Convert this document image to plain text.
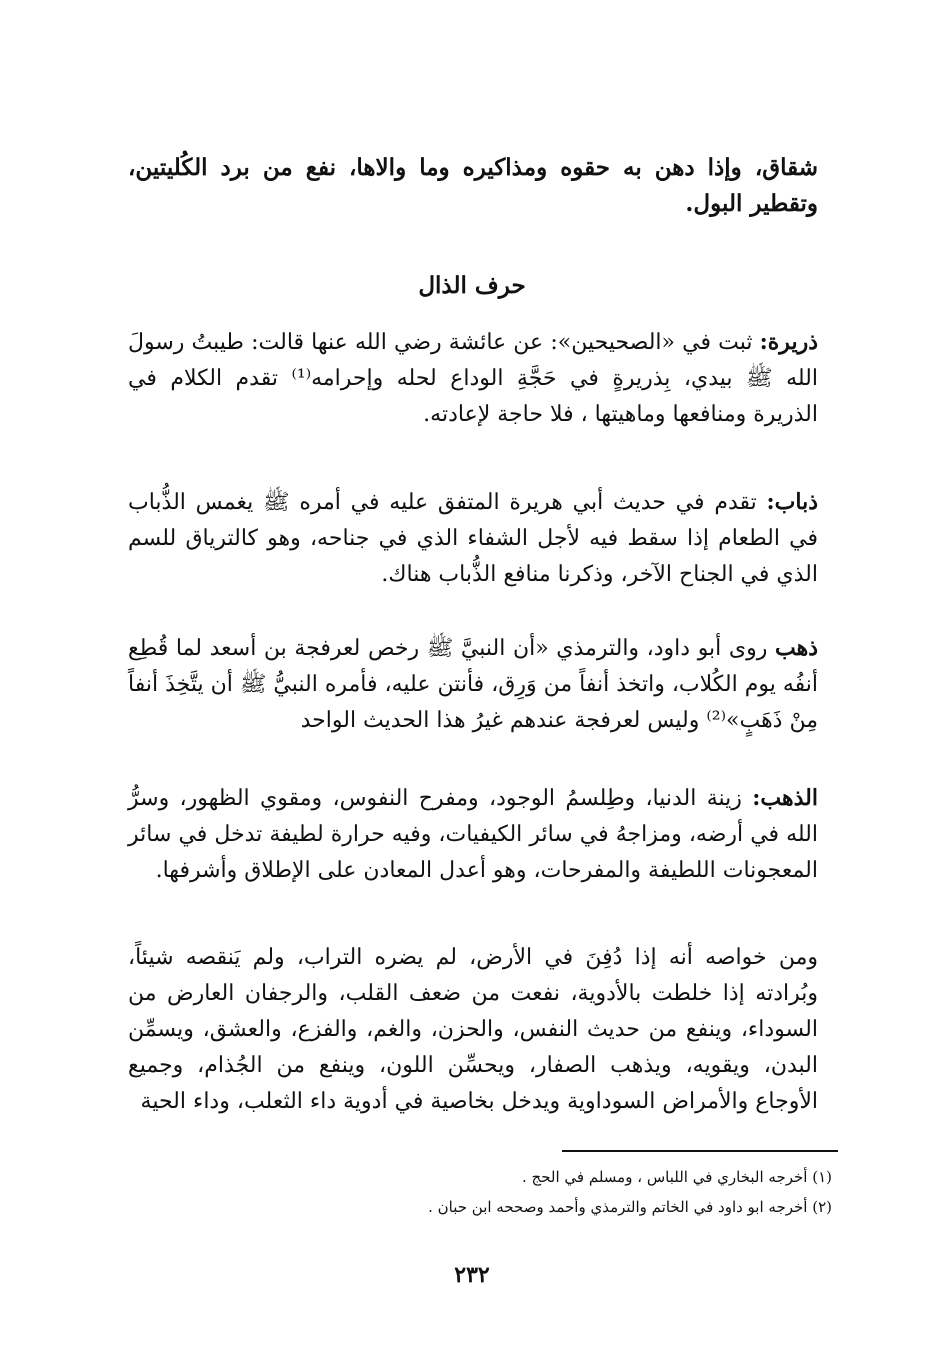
شقاق، وإذا دهن به حقوه ومذاكيره وما والاها، نفع من برد الكُليتين، وتقطير البول.

حرف الذال

ذريرة: ثبت في «الصحيحين»: عن عائشة رضي الله عنها قالت: طيبتُ رسولَ الله ﷺ بيدي، بِذريرةٍ في حَجَّةِ الوداع لحله وإحرامه⁽¹⁾ تقدم الكلام في الذريرة ومنافعها وماهيتها ، فلا حاجة لإعادته.

ذباب: تقدم في حديث أبي هريرة المتفق عليه في أمره ﷺ يغمس الذُّباب في الطعام إذا سقط فيه لأجل الشفاء الذي في جناحه، وهو كالترياق للسم الذي في الجناح الآخر، وذكرنا منافع الذُّباب هناك.

ذهب روى أبو داود، والترمذي «أن النبيَّ ﷺ رخص لعرفجة بن أسعد لما قُطِع أنفُه يوم الكُلاب، واتخذ أنفاً من وَرِق، فأنتن عليه، فأمره النبيُّ ﷺ أن يتَّخِذَ أنفاً مِنْ ذَهَبٍ»⁽²⁾ وليس لعرفجة عندهم غيرُ هذا الحديث الواحد

الذهب: زينة الدنيا، وطِلسمُ الوجود، ومفرح النفوس، ومقوي الظهور، وسرُّ الله في أرضه، ومزاجهُ في سائر الكيفيات، وفيه حرارة لطيفة تدخل في سائر المعجونات اللطيفة والمفرحات، وهو أعدل المعادن على الإطلاق وأشرفها.

ومن خواصه أنه إذا دُفِنَ في الأرض، لم يضره التراب، ولم يَنقصه شيئاً، وبُرادته إذا خلطت بالأدوية، نفعت من ضعف القلب، والرجفان العارض من السوداء، وينفع من حديث النفس، والحزن، والغم، والفزع، والعشق، ويسمِّن البدن، ويقويه، ويذهب الصفار، ويحسِّن اللون، وينفع من الجُذام، وجميع الأوجاع والأمراض السوداوية ويدخل بخاصية في أدوية داء الثعلب، وداء الحية

(١) أخرجه البخاري في اللباس ، ومسلم في الحج .
(٢) أخرجه ابو داود في الخاتم والترمذي وأحمد وصححه ابن حبان .
٢٣٢
